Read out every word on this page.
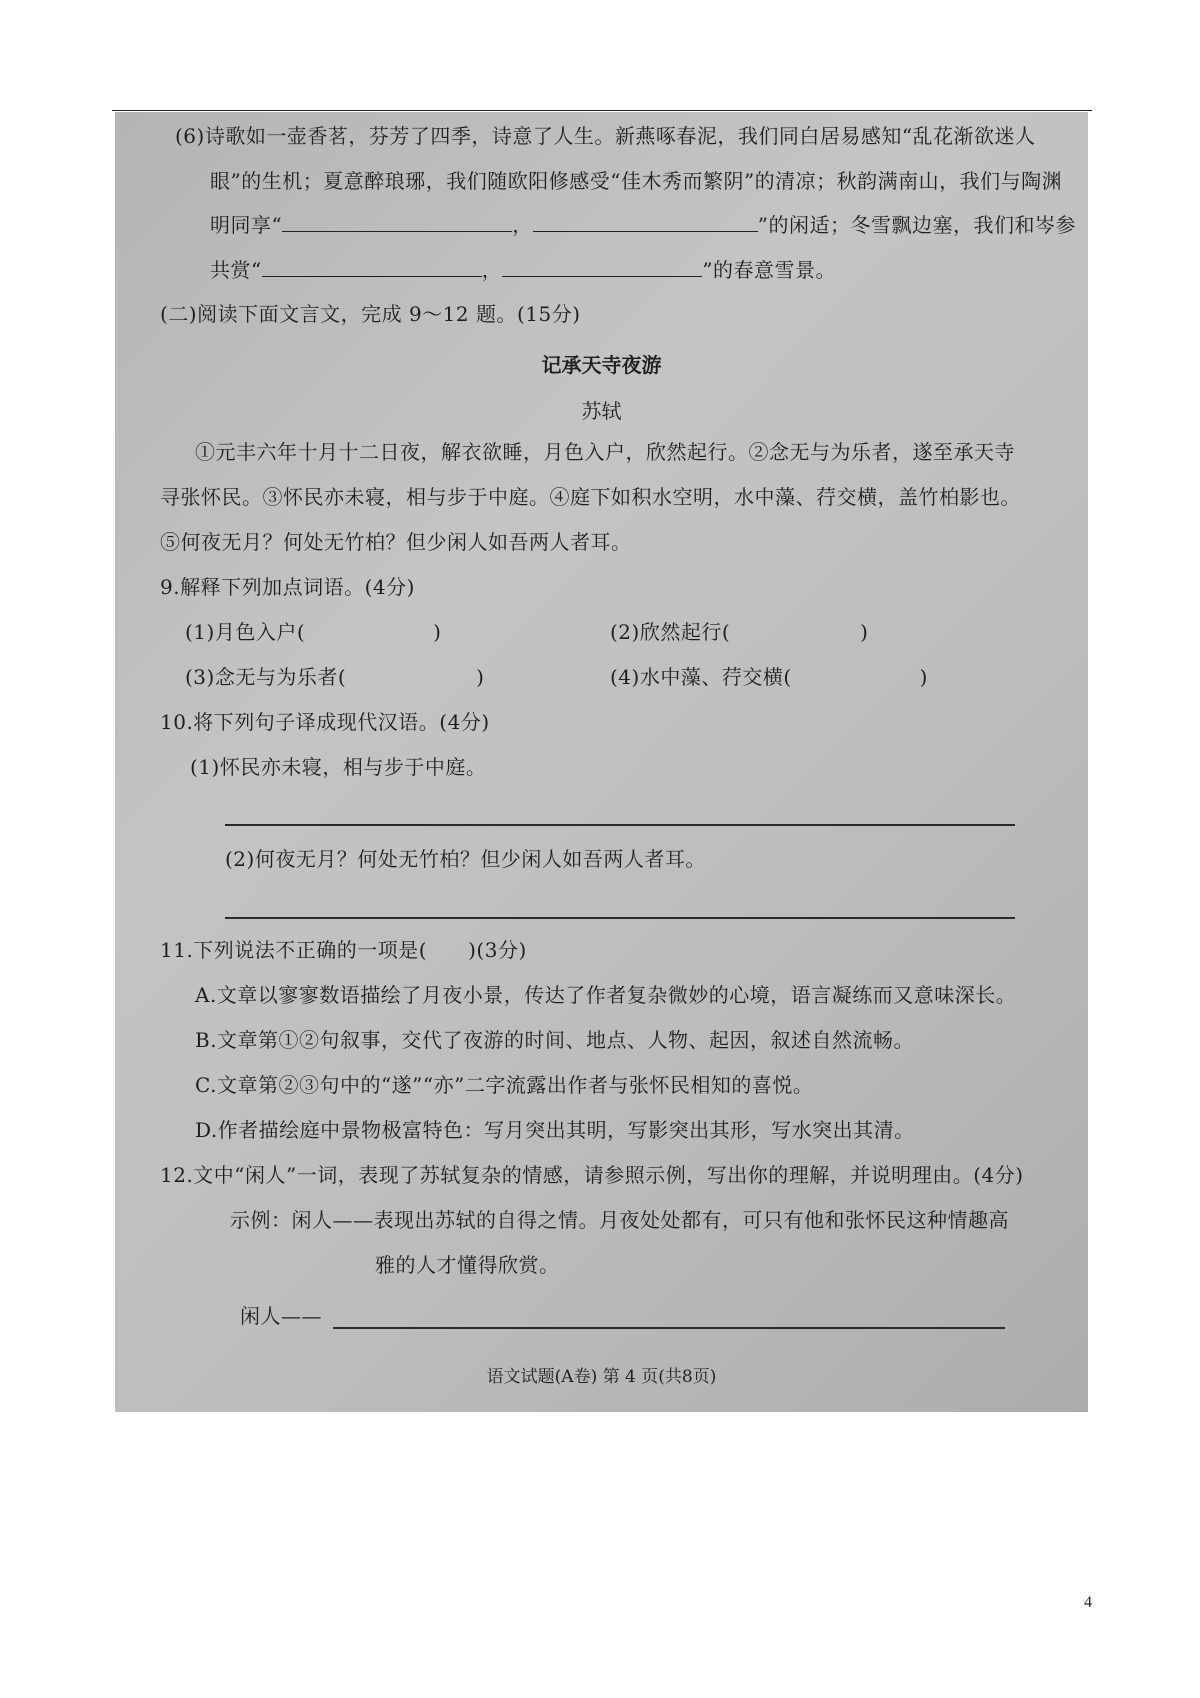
(6)诗歌如一壶香茗，芬芳了四季，诗意了人生。新燕啄春泥，我们同白居易感知“乱花渐欲迷人
眼”的生机；夏意醉琅琊，我们随欧阳修感受“佳木秀而繁阴”的清凉；秋韵满南山，我们与陶渊
明同享“	，	”的闲适；冬雪飘边塞，我们和岑参
共赏“	，	”的春意雪景。
(二)阅读下面文言文，完成 9～12 题。(15分)
记承天寺夜游
苏轼
①元丰六年十月十二日夜，解衣欲睡，月色入户，欣然起行。②念无与为乐者，遂至承天寺
寻张怀民。③怀民亦未寝，相与步于中庭。④庭下如积水空明，水中藻、荇交横，盖竹柏影也。
⑤何夜无月？何处无竹柏？但少闲人如吾两人者耳。
9.解释下列加点词语。(4分)
(1)月色入户(	)	(2)欣然起行(	)
(3)念无与为乐者(	)	(4)水中藻、荇交横(	)
10.将下列句子译成现代汉语。(4分)
(1)怀民亦未寝，相与步于中庭。
(2)何夜无月？何处无竹柏？但少闲人如吾两人者耳。
11.下列说法不正确的一项是(　　)(3分)
A.文章以寥寥数语描绘了月夜小景，传达了作者复杂微妙的心境，语言凝练而又意味深长。
B.文章第①②句叙事，交代了夜游的时间、地点、人物、起因，叙述自然流畅。
C.文章第②③句中的“遂”“亦”二字流露出作者与张怀民相知的喜悦。
D.作者描绘庭中景物极富特色：写月突出其明，写影突出其形，写水突出其清。
12.文中“闲人”一词，表现了苏轼复杂的情感，请参照示例，写出你的理解，并说明理由。(4分)
示例：闲人——表现出苏轼的自得之情。月夜处处都有，可只有他和张怀民这种情趣高
雅的人才懂得欣赏。
闲人——
语文试题(A卷) 第 4 页(共8页)
4
